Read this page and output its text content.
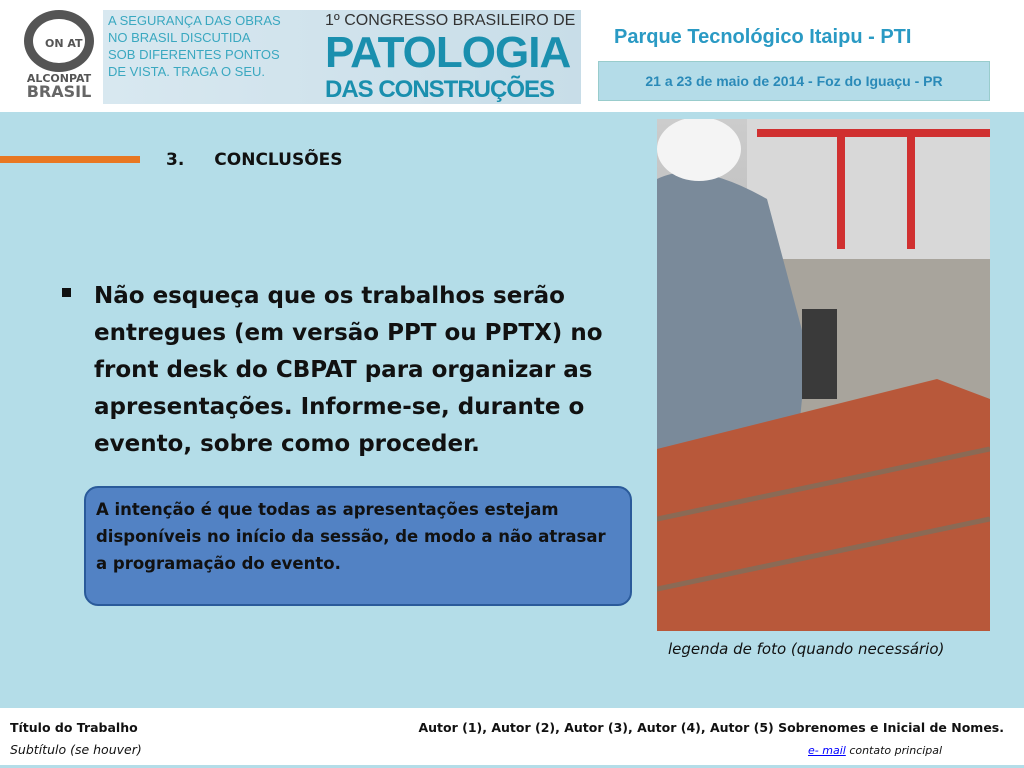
ON AT
ALCONPAT
BRASIL
A SEGURANÇA DAS OBRAS
NO BRASIL DISCUTIDA
SOB DIFERENTES PONTOS
DE VISTA. TRAGA O SEU.
1º CONGRESSO BRASILEIRO DE
PATOLOGIA
DAS CONSTRUÇÕES
Parque Tecnológico Itaipu - PTI
21 a 23 de maio de 2014 - Foz do Iguaçu - PR
3. CONCLUSÕES
Não esqueça que os trabalhos serão entregues (em versão PPT ou PPTX) no front desk do CBPAT para organizar as apresentações. Informe-se, durante o evento, sobre como proceder.
A intenção é que todas as apresentações estejam disponíveis no início da sessão, de modo a não atrasar a programação do evento.
legenda de foto (quando necessário)
Título do Trabalho
Subtítulo (se houver)
Autor (1), Autor (2), Autor (3), Autor (4), Autor (5) Sobrenomes e Inicial de Nomes.
e- mail contato principal
